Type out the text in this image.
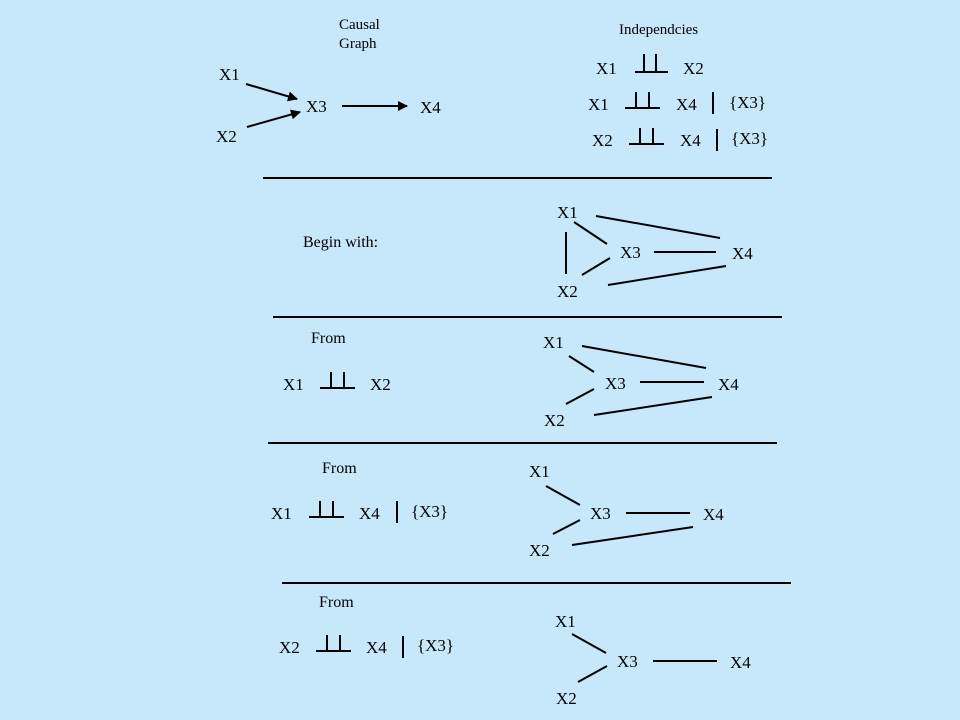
Causal
Graph
X1
X2
X3	X4
Independcies
X1	X2
X1	X4 {X3}
X2	X4 {X3}
Begin with:
X1
X2
X3	X4
From
X1	X2
X1
X2
X3	X4
From
X1	X4 {X3}
X1
X2
X3	X4
From
X2	X4 {X3}
X1
X2
X3	X4
